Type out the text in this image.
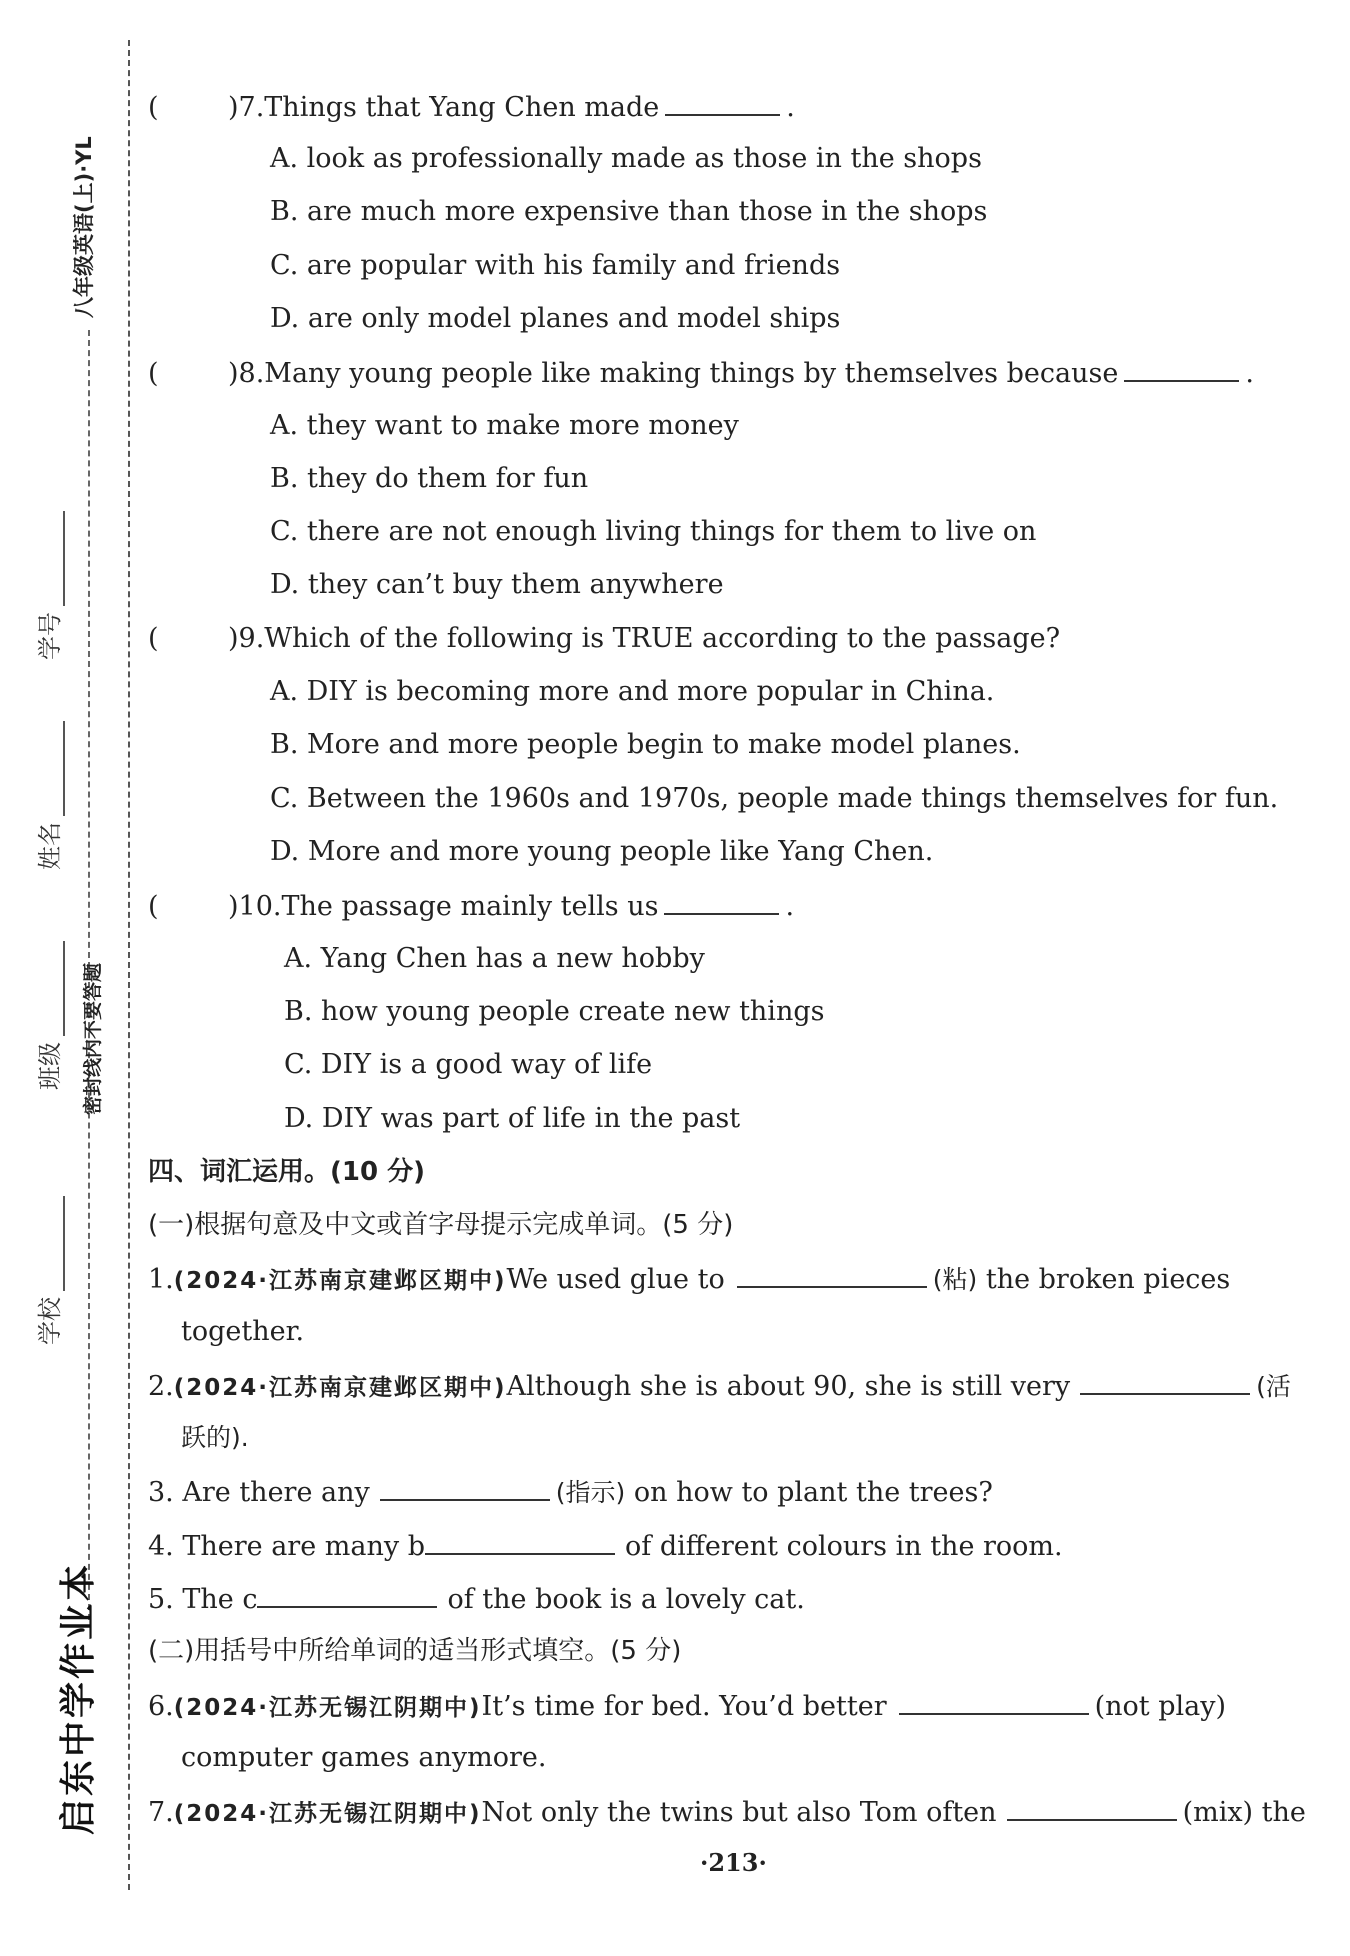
启东中学作业本
八年级英语(上)·YL
密封线内不要答题
学校
班级
姓名
学号
(	)7.Things that Yang Chen made	.
A. look as professionally made as those in the shops
B. are much more expensive than those in the shops
C. are popular with his family and friends
D. are only model planes and model ships
(	)8.Many young people like making things by themselves because	.
A. they want to make more money
B. they do them for fun
C. there are not enough living things for them to live on
D. they can’t buy them anywhere
(	)9.Which of the following is TRUE according to the passage?
A. DIY is becoming more and more popular in China.
B. More and more people begin to make model planes.
C. Between the 1960s and 1970s, people made things themselves for fun.
D. More and more young people like Yang Chen.
(	)10.The passage mainly tells us	.
A. Yang Chen has a new hobby
B. how young people create new things
C. DIY is a good way of life
D. DIY was part of life in the past
四、词汇运用。(10 分)
(一)根据句意及中文或首字母提示完成单词。(5 分)
1.(2024·江苏南京建邺区期中)We used glue to	(粘) the broken pieces
together.
2.(2024·江苏南京建邺区期中)Although she is about 90, she is still very	(活
跃的).
3. Are there any	(指示) on how to plant the trees?
4. There are many b	of different colours in the room.
5. The c	of the book is a lovely cat.
(二)用括号中所给单词的适当形式填空。(5 分)
6.(2024·江苏无锡江阴期中)It’s time for bed. You’d better	(not play)
computer games anymore.
7.(2024·江苏无锡江阴期中)Not only the twins but also Tom often	(mix) the
·213·
